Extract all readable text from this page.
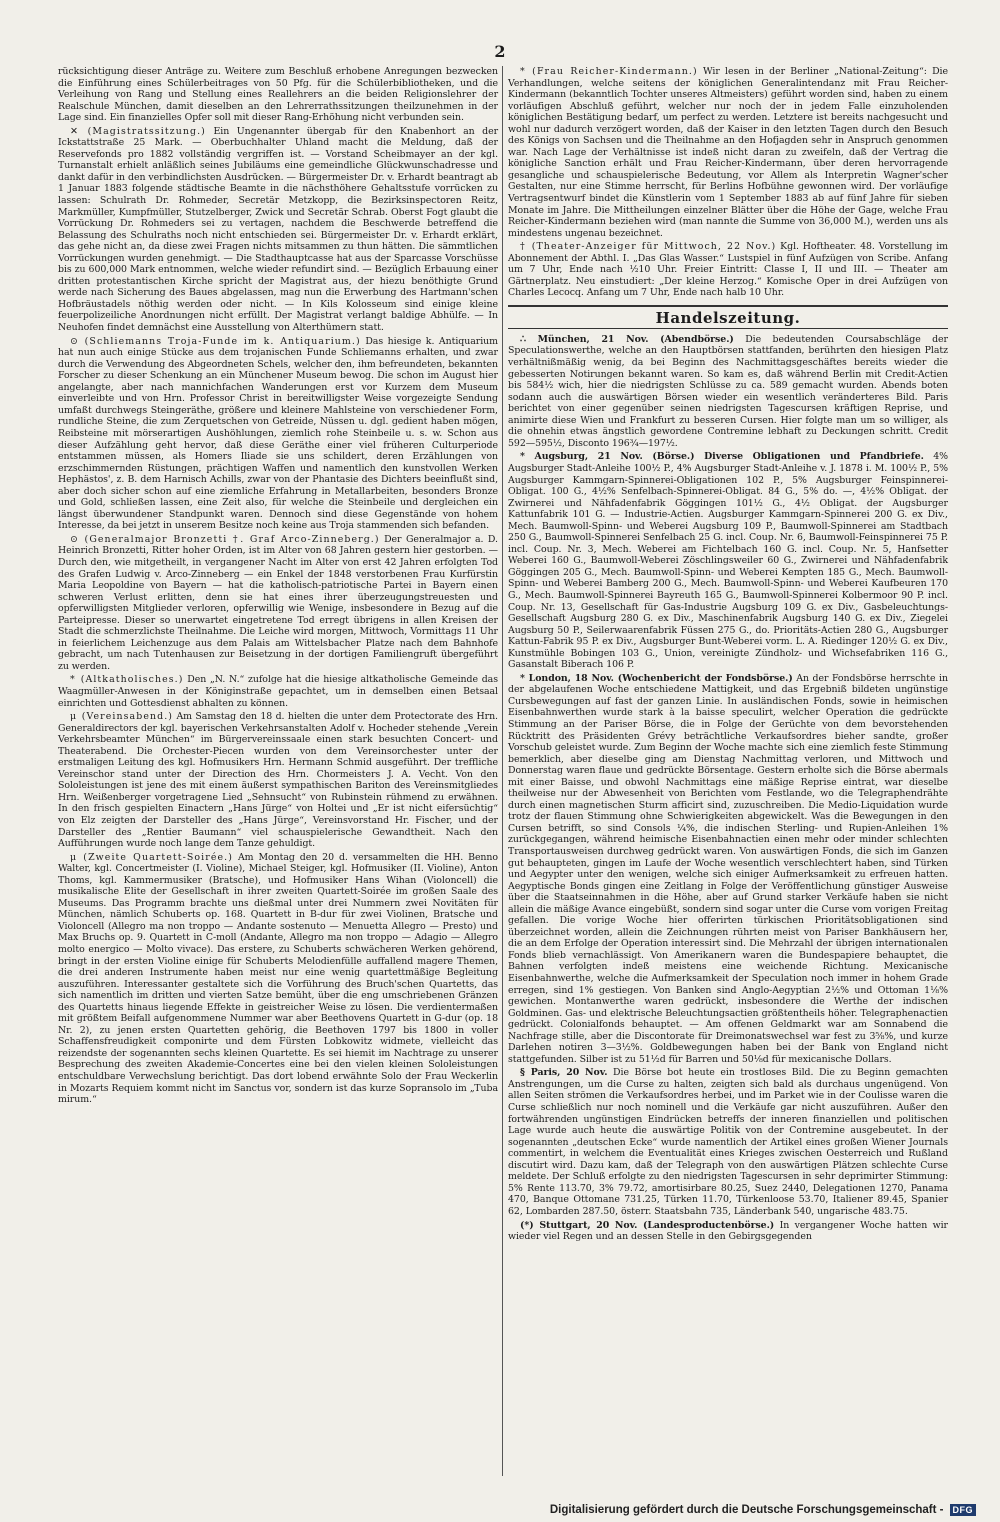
2

rücksichtigung dieser Anträge zu. Weitere zum Beschluß erhobene Anregungen bezwecken die Einführung eines Schülerbeitrages von 50 Pfg. für die Schülerbibliotheken, und die Verleihung von Rang und Stellung eines Reallehrers an die beiden Religionslehrer der Realschule München, damit dieselben an den Lehrerrathssitzungen theilzunehmen in der Lage sind. Ein finanzielles Opfer soll mit dieser Rang-Erhöhung nicht verbunden sein.

✕ (Magistratssitzung.) Ein Ungenannter übergab für den Knabenhort an der Ickstattstraße 25 Mark. — Oberbuchhalter Uhland macht die Meldung, daß der Reservefonds pro 1882 vollständig vergriffen ist. — Vorstand Scheibmayer an der kgl. Turnanstalt erhielt anläßlich seines Jubiläums eine gemeindliche Glückwunschadresse und dankt dafür in den verbindlichsten Ausdrücken. — Bürgermeister Dr. v. Erhardt beantragt ab 1 Januar 1883 folgende städtische Beamte in die nächsthöhere Gehaltsstufe vorrücken zu lassen: Schulrath Dr. Rohmeder, Secretär Metzkopp, die Bezirksinspectoren Reitz, Markmüller, Kumpfmüller, Stutzelberger, Zwick und Secretär Schrab. Oberst Fogt glaubt die Vorrückung Dr. Rohmeders sei zu vertagen, nachdem die Beschwerde betreffend die Belassung des Schulraths noch nicht entschieden sei. Bürgermeister Dr. v. Erhardt erklärt, das gehe nicht an, da diese zwei Fragen nichts mitsammen zu thun hätten. Die sämmtlichen Vorrückungen wurden genehmigt. — Die Stadthauptcasse hat aus der Sparcasse Vorschüsse bis zu 600,000 Mark entnommen, welche wieder refundirt sind. — Bezüglich Erbauung einer dritten protestantischen Kirche spricht der Magistrat aus, der hiezu benöthigte Grund werde nach Sicherung des Baues abgelassen, mag nun die Erwerbung des Hartmann'schen Hofbräustadels nöthig werden oder nicht. — In Kils Kolosseum sind einige kleine feuerpolizeiliche Anordnungen nicht erfüllt. Der Magistrat verlangt baldige Abhülfe. — In Neuhofen findet demnächst eine Ausstellung von Alterthümern statt.

⊙ (Schliemanns Troja-Funde im k. Antiquarium.) Das hiesige k. Antiquarium hat nun auch einige Stücke aus dem trojanischen Funde Schliemanns erhalten, und zwar durch die Verwendung des Abgeordneten Schels, welcher den, ihm befreundeten, bekannten Forscher zu dieser Schenkung an ein Münchener Museum bewog. Die schon im August hier angelangte, aber nach mannichfachen Wanderungen erst vor Kurzem dem Museum einverleibte und von Hrn. Professor Christ in bereitwilligster Weise vorgezeigte Sendung umfaßt durchwegs Steingeräthe, größere und kleinere Mahlsteine von verschiedener Form, rundliche Steine, die zum Zerquetschen von Getreide, Nüssen u. dgl. gedient haben mögen, Reibsteine mit mörserartigen Aushöhlungen, ziemlich rohe Steinbeile u. s. w. Schon aus dieser Aufzählung geht hervor, daß diese Geräthe einer viel früheren Culturperiode entstammen müssen, als Homers Iliade sie uns schildert, deren Erzählungen von erzschimmernden Rüstungen, prächtigen Waffen und namentlich den kunstvollen Werken Hephästos', z. B. dem Harnisch Achills, zwar von der Phantasie des Dichters beeinflußt sind, aber doch sicher schon auf eine ziemliche Erfahrung in Metallarbeiten, besonders Bronze und Gold, schließen lassen, eine Zeit also, für welche die Steinbeile und dergleichen ein längst überwundener Standpunkt waren. Dennoch sind diese Gegenstände von hohem Interesse, da bei jetzt in unserem Besitze noch keine aus Troja stammenden sich befanden.

⊙ (Generalmajor Bronzetti †. Graf Arco-Zinneberg.) Der Generalmajor a. D. Heinrich Bronzetti, Ritter hoher Orden, ist im Alter von 68 Jahren gestern hier gestorben. — Durch den, wie mitgetheilt, in vergangener Nacht im Alter von erst 42 Jahren erfolgten Tod des Grafen Ludwig v. Arco-Zinneberg — ein Enkel der 1848 verstorbenen Frau Kurfürstin Maria Leopoldine von Bayern — hat die katholisch-patriotische Partei in Bayern einen schweren Verlust erlitten, denn sie hat eines ihrer überzeugungstreuesten und opferwilligsten Mitglieder verloren, opferwillig wie Wenige, insbesondere in Bezug auf die Parteipresse. Dieser so unerwartet eingetretene Tod erregt übrigens in allen Kreisen der Stadt die schmerzlichste Theilnahme. Die Leiche wird morgen, Mittwoch, Vormittags 11 Uhr in feierlichem Leichenzuge aus dem Palais am Wittelsbacher Platze nach dem Bahnhofe gebracht, um nach Tutenhausen zur Beisetzung in der dortigen Familiengruft übergeführt zu werden.

* (Altkatholisches.) Den „N. N.“ zufolge hat die hiesige altkatholische Gemeinde das Waagmüller-Anwesen in der Königinstraße gepachtet, um in demselben einen Betsaal einrichten und Gottesdienst abhalten zu können.

μ (Vereinsabend.) Am Samstag den 18 d. hielten die unter dem Protectorate des Hrn. Generaldirectors der kgl. bayerischen Verkehrsanstalten Adolf v. Hocheder stehende „Verein Verkehrsbeamter München“ im Bürgervereinssaale einen stark besuchten Concert- und Theaterabend. Die Orchester-Piecen wurden von dem Vereinsorchester unter der erstmaligen Leitung des kgl. Hofmusikers Hrn. Hermann Schmid ausgeführt. Der treffliche Vereinschor stand unter der Direction des Hrn. Chormeisters J. A. Vecht. Von den Sololeistungen ist jene des mit einem äußerst sympathischen Bariton des Vereinsmitgliedes Hrn. Weißenberger vorgetragene Lied „Sehnsucht“ von Rubinstein rühmend zu erwähnen. In den frisch gespielten Einactern „Hans Jürge“ von Holtei und „Er ist nicht eifersüchtig“ von Elz zeigten der Darsteller des „Hans Jürge“, Vereinsvorstand Hr. Fischer, und der Darsteller des „Rentier Baumann“ viel schauspielerische Gewandtheit. Nach den Aufführungen wurde noch lange dem Tanze gehuldigt.

μ (Zweite Quartett-Soirée.) Am Montag den 20 d. versammelten die HH. Benno Walter, kgl. Concertmeister (I. Violine), Michael Steiger, kgl. Hofmusiker (II. Violine), Anton Thoms, kgl. Kammermusiker (Bratsche), und Hofmusiker Hans Wihan (Violoncell) die musikalische Elite der Gesellschaft in ihrer zweiten Quartett-Soirée im großen Saale des Museums. Das Programm brachte uns dießmal unter drei Nummern zwei Novitäten für München, nämlich Schuberts op. 168. Quartett in B-dur für zwei Violinen, Bratsche und Violoncell (Allegro ma non troppo — Andante sostenuto — Menuetta Allegro — Presto) und Max Bruchs op. 9. Quartett in C-moll (Andante, Allegro ma non troppo — Adagio — Allegro molto energico — Molto vivace). Das erstere, zu Schuberts schwächeren Werken gehörend, bringt in der ersten Violine einige für Schuberts Melodienfülle auffallend magere Themen, die drei anderen Instrumente haben meist nur eine wenig quartettmäßige Begleitung auszuführen. Interessanter gestaltete sich die Vorführung des Bruch'schen Quartetts, das sich namentlich im dritten und vierten Satze bemüht, über die eng umschriebenen Gränzen des Quartetts hinaus liegende Effekte in geistreicher Weise zu lösen. Die verdientermaßen mit größtem Beifall aufgenommene Nummer war aber Beethovens Quartett in G-dur (op. 18 Nr. 2), zu jenen ersten Quartetten gehörig, die Beethoven 1797 bis 1800 in voller Schaffensfreudigkeit componirte und dem Fürsten Lobkowitz widmete, vielleicht das reizendste der sogenannten sechs kleinen Quartette. Es sei hiemit im Nachtrage zu unserer Besprechung des zweiten Akademie-Concertes eine bei den vielen kleinen Sololeistungen entschuldbare Verwechslung berichtigt. Das dort lobend erwähnte Solo der Frau Weckerlin in Mozarts Requiem kommt nicht im Sanctus vor, sondern ist das kurze Sopransolo im „Tuba mirum.“

* (Frau Reicher-Kindermann.) Wir lesen in der Berliner „National-Zeitung“: Die Verhandlungen, welche seitens der königlichen Generalintendanz mit Frau Reicher-Kindermann (bekanntlich Tochter unseres Altmeisters) geführt worden sind, haben zu einem vorläufigen Abschluß geführt, welcher nur noch der in jedem Falle einzuholenden königlichen Bestätigung bedarf, um perfect zu werden. Letztere ist bereits nachgesucht und wohl nur dadurch verzögert worden, daß der Kaiser in den letzten Tagen durch den Besuch des Königs von Sachsen und die Theilnahme an den Hofjagden sehr in Anspruch genommen war. Nach Lage der Verhältnisse ist indeß nicht daran zu zweifeln, daß der Vertrag die königliche Sanction erhält und Frau Reicher-Kindermann, über deren hervorragende gesangliche und schauspielerische Bedeutung, vor Allem als Interpretin Wagner'scher Gestalten, nur eine Stimme herrscht, für Berlins Hofbühne gewonnen wird. Der vorläufige Vertragsentwurf bindet die Künstlerin vom 1 September 1883 ab auf fünf Jahre für sieben Monate im Jahre. Die Mittheilungen einzelner Blätter über die Höhe der Gage, welche Frau Reicher-Kindermann beziehen wird (man nannte die Summe von 36,000 M.), werden uns als mindestens ungenau bezeichnet.

† (Theater-Anzeiger für Mittwoch, 22 Nov.) Kgl. Hoftheater. 48. Vorstellung im Abonnement der Abthl. I. „Das Glas Wasser.“ Lustspiel in fünf Aufzügen von Scribe. Anfang um 7 Uhr, Ende nach ½10 Uhr. Freier Eintritt: Classe I, II und III. — Theater am Gärtnerplatz. Neu einstudiert: „Der kleine Herzog.“ Komische Oper in drei Aufzügen von Charles Lecocq. Anfang um 7 Uhr, Ende nach halb 10 Uhr.

Handelszeitung.

∴ München, 21 Nov. (Abendbörse.) Die bedeutenden Coursabschläge der Speculationswerthe, welche an den Hauptbörsen stattfanden, berührten den hiesigen Platz verhältnißmäßig wenig, da bei Beginn des Nachmittagsgeschäftes bereits wieder die gebesserten Notirungen bekannt waren. So kam es, daß während Berlin mit Credit-Actien bis 584½ wich, hier die niedrigsten Schlüsse zu ca. 589 gemacht wurden. Abends boten sodann auch die auswärtigen Börsen wieder ein wesentlich veränderteres Bild. Paris berichtet von einer gegenüber seinen niedrigsten Tagescursen kräftigen Reprise, und animirte diese Wien und Frankfurt zu besseren Cursen. Hier folgte man um so williger, als die ohnehin etwas ängstlich gewordene Contremine lebhaft zu Deckungen schritt. Credit 592—595½, Disconto 196¾—197½.

* Augsburg, 21 Nov. (Börse.) Diverse Obligationen und Pfandbriefe. 4% Augsburger Stadt-Anleihe 100½ P., 4% Augsburger Stadt-Anleihe v. J. 1878 i. M. 100½ P., 5% Augsburger Kammgarn-Spinnerei-Obligationen 102 P., 5% Augsburger Feinspinnerei-Obligat. 100 G., 4½% Senfelbach-Spinnerei-Obligat. 84 G., 5% do. —, 4½% Obligat. der Zwirnerei und Nähfadenfabrik Göggingen 101½ G., 4½ Obligat. der Augsburger Kattunfabrik 101 G. — Industrie-Actien. Augsburger Kammgarn-Spinnerei 200 G. ex Div., Mech. Baumwoll-Spinn- und Weberei Augsburg 109 P., Baumwoll-Spinnerei am Stadtbach 250 G., Baumwoll-Spinnerei Senfelbach 25 G. incl. Coup. Nr. 6, Baumwoll-Feinspinnerei 75 P. incl. Coup. Nr. 3, Mech. Weberei am Fichtelbach 160 G. incl. Coup. Nr. 5, Hanfsetter Weberei 160 G., Baumwoll-Weberei Zöschlingsweiler 60 G., Zwirnerei und Nähfadenfabrik Göggingen 205 G., Mech. Baumwoll-Spinn- und Weberei Kempten 185 G., Mech. Baumwoll-Spinn- und Weberei Bamberg 200 G., Mech. Baumwoll-Spinn- und Weberei Kaufbeuren 170 G., Mech. Baumwoll-Spinnerei Bayreuth 165 G., Baumwoll-Spinnerei Kolbermoor 90 P. incl. Coup. Nr. 13, Gesellschaft für Gas-Industrie Augsburg 109 G. ex Div., Gasbeleuchtungs-Gesellschaft Augsburg 280 G. ex Div., Maschinenfabrik Augsburg 140 G. ex Div., Ziegelei Augsburg 50 P., Seilerwaarenfabrik Füssen 275 G., do. Prioritäts-Actien 280 G., Augsburger Kattun-Fabrik 95 P. ex Div., Augsburger Bunt-Weberei vorm. L. A. Riedinger 120½ G. ex Div., Kunstmühle Bobingen 103 G., Union, vereinigte Zündholz- und Wichsefabriken 116 G., Gasanstalt Biberach 106 P.

* London, 18 Nov. (Wochenbericht der Fondsbörse.) An der Fondsbörse herrschte in der abgelaufenen Woche entschiedene Mattigkeit, und das Ergebniß bildeten ungünstige Cursbewegungen auf fast der ganzen Linie. In ausländischen Fonds, sowie in heimischen Eisenbahnwerthen wurde stark à la baisse speculirt, welcher Operation die gedrückte Stimmung an der Pariser Börse, die in Folge der Gerüchte von dem bevorstehenden Rücktritt des Präsidenten Grévy beträchtliche Verkaufsordres bieher sandte, großer Vorschub geleistet wurde. Zum Beginn der Woche machte sich eine ziemlich feste Stimmung bemerklich, aber dieselbe ging am Dienstag Nachmittag verloren, und Mittwoch und Donnerstag waren flaue und gedrückte Börsentage. Gestern erholte sich die Börse abermals mit einer Baisse, und obwohl Nachmittags eine mäßige Reprise eintrat, war dieselbe theilweise nur der Abwesenheit von Berichten vom Festlande, wo die Telegraphendrähte durch einen magnetischen Sturm afficirt sind, zuzuschreiben. Die Medio-Liquidation wurde trotz der flauen Stimmung ohne Schwierigkeiten abgewickelt. Was die Bewegungen in den Cursen betrifft, so sind Consols ¼%, die indischen Sterling- und Rupien-Anleihen 1% zurückgegangen, während heimische Eisenbahnactien einen mehr oder minder schlechten Transportausweisen durchweg gedrückt waren. Von auswärtigen Fonds, die sich im Ganzen gut behaupteten, gingen im Laufe der Woche wesentlich verschlechtert haben, sind Türken und Aegypter unter den wenigen, welche sich einiger Aufmerksamkeit zu erfreuen hatten. Aegyptische Bonds gingen eine Zeitlang in Folge der Veröffentlichung günstiger Ausweise über die Staatseinnahmen in die Höhe, aber auf Grund starker Verkäufe haben sie nicht allein die mäßige Avance eingebüßt, sondern sind sogar unter die Curse vom vorigen Freitag gefallen. Die vorige Woche hier offerirten türkischen Prioritätsobligationen sind überzeichnet worden, allein die Zeichnungen rührten meist von Pariser Bankhäusern her, die an dem Erfolge der Operation interessirt sind. Die Mehrzahl der übrigen internationalen Fonds blieb vernachlässigt. Von Amerikanern waren die Bundespapiere behauptet, die Bahnen verfolgten indeß meistens eine weichende Richtung. Mexicanische Eisenbahnwerthe, welche die Aufmerksamkeit der Speculation noch immer in hohem Grade erregen, sind 1% gestiegen. Von Banken sind Anglo-Aegyptian 2½% und Ottoman 1⅛% gewichen. Montanwerthe waren gedrückt, insbesondere die Werthe der indischen Goldminen. Gas- und elektrische Beleuchtungsactien größtentheils höher. Telegraphenactien gedrückt. Colonialfonds behauptet. — Am offenen Geldmarkt war am Sonnabend die Nachfrage stille, aber die Discontorate für Dreimonatswechsel war fest zu 3⅝%, und kurze Darlehen notiren 3—3½%. Goldbewegungen haben bei der Bank von England nicht stattgefunden. Silber ist zu 51½d für Barren und 50⅛d für mexicanische Dollars.

§ Paris, 20 Nov. Die Börse bot heute ein trostloses Bild. Die zu Beginn gemachten Anstrengungen, um die Curse zu halten, zeigten sich bald als durchaus ungenügend. Von allen Seiten strömen die Verkaufsordres herbei, und im Parket wie in der Coulisse waren die Curse schließlich nur noch nominell und die Verkäufe gar nicht auszuführen. Außer den fortwährenden ungünstigen Eindrücken betreffs der inneren finanziellen und politischen Lage wurde auch heute die auswärtige Politik von der Contremine ausgebeutet. In der sogenannten „deutschen Ecke“ wurde namentlich der Artikel eines großen Wiener Journals commentirt, in welchem die Eventualität eines Krieges zwischen Oesterreich und Rußland discutirt wird. Dazu kam, daß der Telegraph von den auswärtigen Plätzen schlechte Curse meldete. Der Schluß erfolgte zu den niedrigsten Tagescursen in sehr deprimirter Stimmung: 5% Rente 113.70, 3% 79.72, amortisirbare 80.25, Suez 2440, Delegationen 1270, Panama 470, Banque Ottomane 731.25, Türken 11.70, Türkenloose 53.70, Italiener 89.45, Spanier 62, Lombarden 287.50, österr. Staatsbahn 735, Länderbank 540, ungarische 483.75.

(*) Stuttgart, 20 Nov. (Landesproductenbörse.) In vergangener Woche hatten wir wieder viel Regen und an dessen Stelle in den Gebirgsgegenden

Digitalisierung gefördert durch die Deutsche Forschungsgemeinschaft -	DFG
